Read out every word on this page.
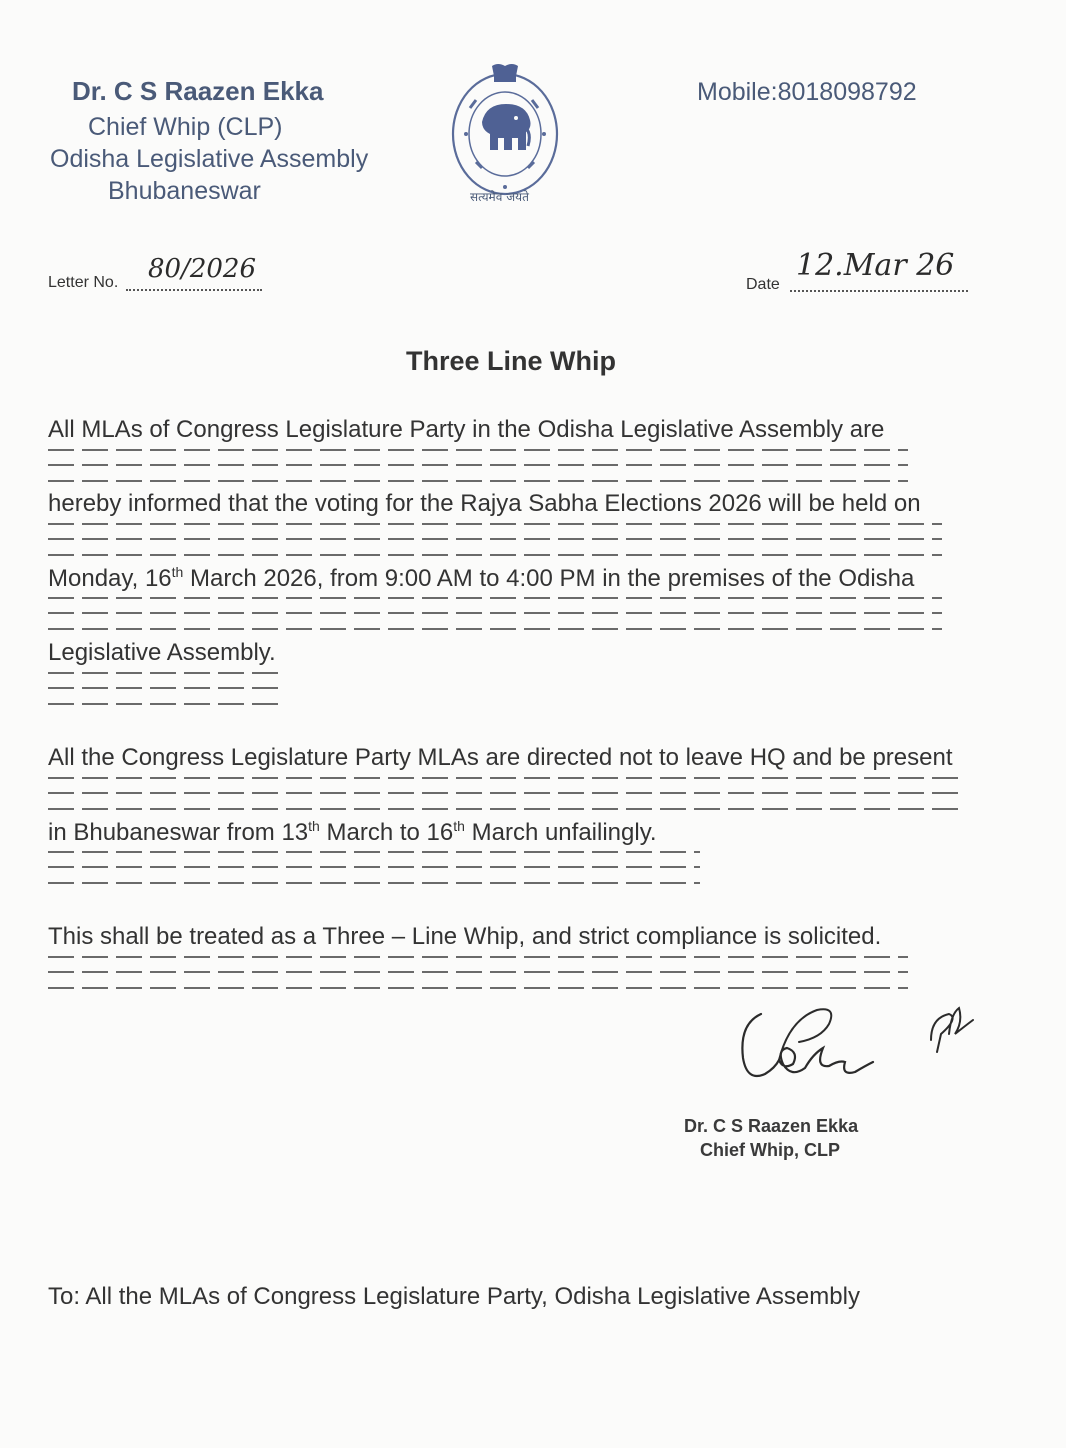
Dr. C S Raazen Ekka
Chief Whip (CLP)
Odisha Legislative Assembly
Bhubaneswar	सत्यमेव जयते
Mobile:8018098792
Letter No. 80/2026
Date
12.Mar 26
Three Line Whip
All MLAs of Congress Legislature Party in the Odisha Legislative Assembly are
hereby informed that the voting for the Rajya Sabha Elections 2026 will be held on
Monday, 16th March 2026, from 9:00 AM to 4:00 PM in the premises of the Odisha
Legislative Assembly.
All the Congress Legislature Party MLAs are directed not to leave HQ and be present
in Bhubaneswar from 13th March to 16th March unfailingly.
This shall be treated as a Three – Line Whip, and strict compliance is solicited.
Dr. C S Raazen Ekka
Chief Whip, CLP
To: All the MLAs of Congress Legislature Party, Odisha Legislative Assembly
